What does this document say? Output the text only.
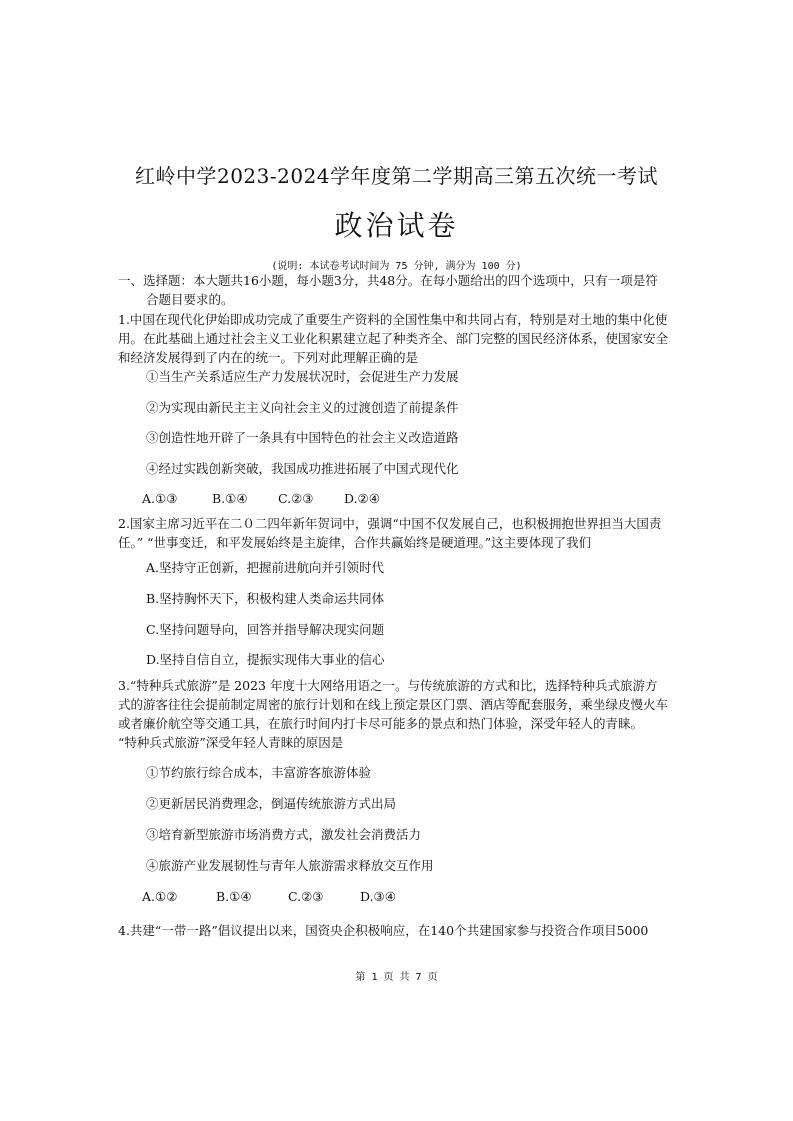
红岭中学2023-2024学年度第二学期高三第五次统一考试
政治试卷
(说明: 本试卷考试时间为 75 分钟, 满分为 100 分)
一、选择题：本大题共16小题，每小题3分，共48分。在每小题给出的四个选项中，只有一项是符
合题目要求的。
1.中国在现代化伊始即成功完成了重要生产资料的全国性集中和共同占有，特别是对土地的集中化使
用。在此基础上通过社会主义工业化积累建立起了种类齐全、部门完整的国民经济体系，使国家安全
和经济发展得到了内在的统一。下列对此理解正确的是
①当生产关系适应生产力发展状况时，会促进生产力发展
②为实现由新民主主义向社会主义的过渡创造了前提条件
③创造性地开辟了一条具有中国特色的社会主义改造道路
④经过实践创新突破，我国成功推进拓展了中国式现代化
A.①③	B.①④ C.②③ D.②④
2.国家主席习近平在二０二四年新年贺词中，强调“中国不仅发展自己，也积极拥抱世界担当大国责
任。” “世事变迁，和平发展始终是主旋律，合作共赢始终是硬道理。”这主要体现了我们
A.坚持守正创新，把握前进航向并引领时代
B.坚持胸怀天下，积极构建人类命运共同体
C.坚持问题导向，回答并指导解决现实问题
D.坚持自信自立，提振实现伟大事业的信心
3.“特种兵式旅游”是 2023 年度十大网络用语之一。与传统旅游的方式和比，选择特种兵式旅游方
式的游客往往会提前制定周密的旅行计划和在线上预定景区门票、酒店等配套服务，乘坐绿皮慢火车
或者廉价航空等交通工具，在旅行时间内打卡尽可能多的景点和热门体验，深受年轻人的青睐。
“特种兵式旅游”深受年轻人青睐的原因是
①节约旅行综合成本，丰富游客旅游体验
②更新居民消费理念，倒逼传统旅游方式出局
③培育新型旅游市场消费方式，激发社会消费活力
④旅游产业发展韧性与青年人旅游需求释放交互作用
A.①②	B.①④	C.②③	D.③④
4.共建“一带一路”倡议提出以来，国资央企积极响应，在140个共建国家参与投资合作项目5000
第 1 页 共 7 页
